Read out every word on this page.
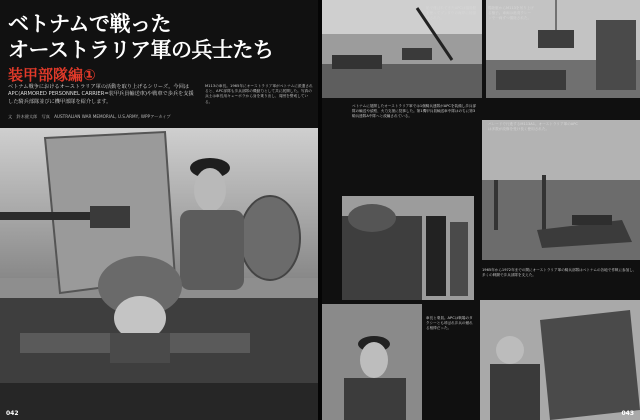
ベトナムで戦った
オーストラリア軍の兵士たち
装甲部隊編①
ベトナム戦争におけるオーストラリア軍の活動を取り上げるシリーズ。今回はAPC(ARMORED PERSONNEL CARRIER=装甲兵員輸送車)や戦車で歩兵を支援した騎兵部隊並びに機甲部隊を紹介します。
文　鈴木健太郎　写真　AUSTRALIAN WAR MEMORIAL, U.S.ARMY, WPPアーカイブ
M113の車長。1965年にオーストラリア軍がベトナムに派遣されると、APC部隊も歩兵部隊の機動力として共に展開した。写真の兵士は車長用キューポラから身を乗り出し、周囲を警戒している。
042
船で運ばれてきたAPCは揚陸艇を使ってブンタウの海岸に陸揚げされた。
揚陸艇からM113を吊り上げる様子。車両は港湾クレーンで一両ずつ揚陸された。
ベトナムに展開したオーストラリア軍では1個騎兵連隊がAPCを装備し歩兵部隊の輸送や偵察、火力支援に従事した。第1機甲兵員輸送車中隊はのちに第3騎兵連隊A中隊へと改編されている。
パレードで行進するM113A1。オーストラリア軍のAPCは多数が改修を受け長く使用された。
1965年から1972年までの間にオーストラリア軍の騎兵部隊はベトナムの各地で作戦に参加し、多くの戦闘で歩兵部隊を支えた。
車長と乗員。APCは戦場のタクシーとも呼ばれ歩兵の頼れる相棒だった。
043
